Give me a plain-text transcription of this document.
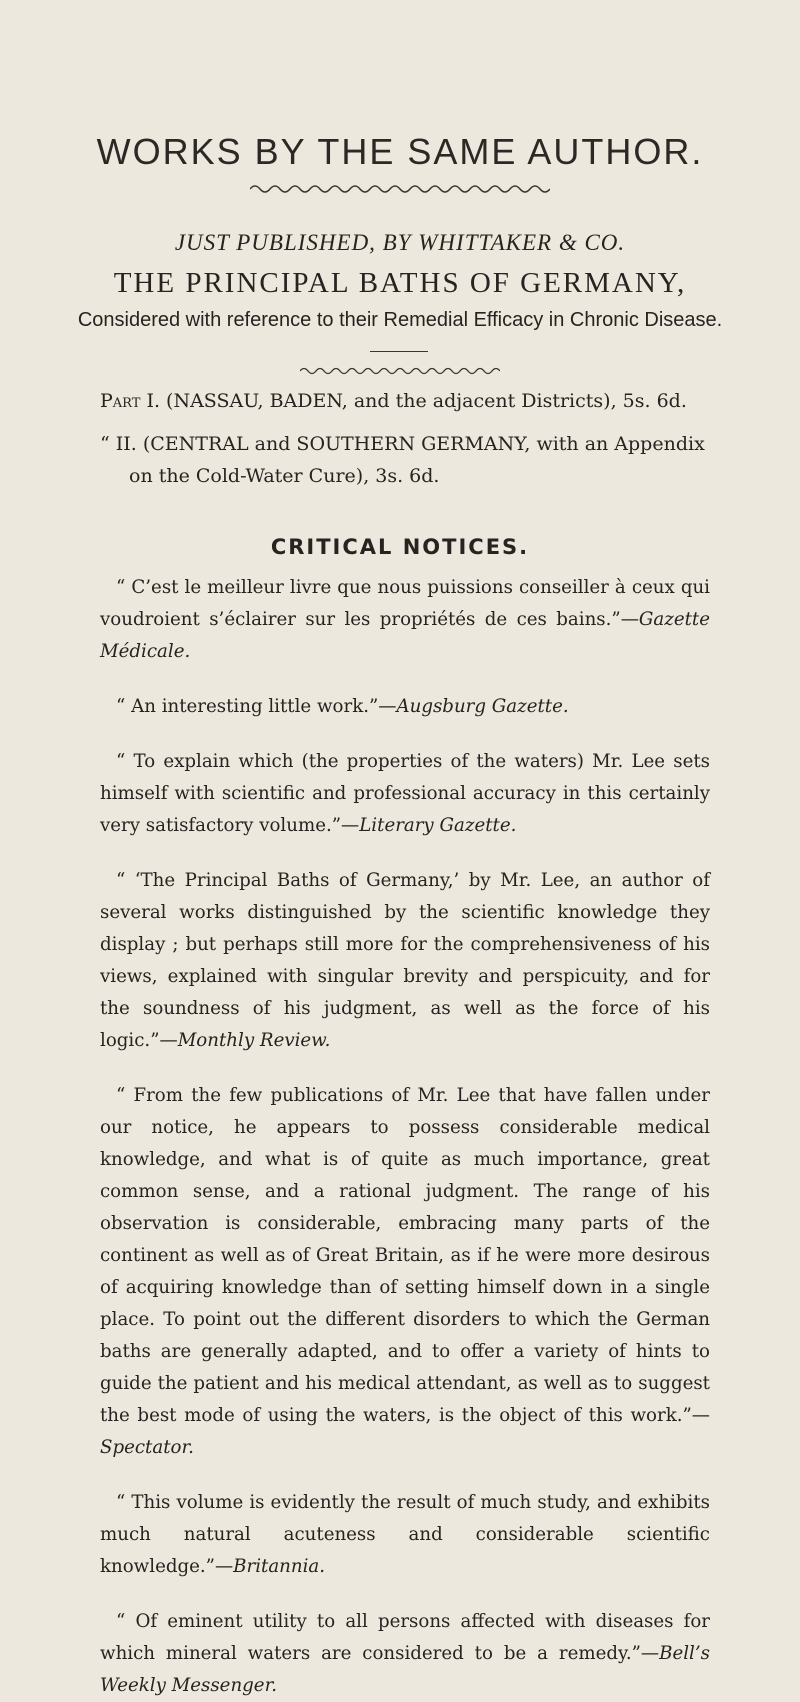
WORKS BY THE SAME AUTHOR.

JUST PUBLISHED, BY WHITTAKER & CO.

THE PRINCIPAL BATHS OF GERMANY,

Considered with reference to their Remedial Efficacy in Chronic Disease.

Part I. (NASSAU, BADEN, and the adjacent Districts), 5s. 6d.

“ II. (CENTRAL and SOUTHERN GERMANY, with an Appendix

on the Cold-Water Cure), 3s. 6d.

CRITICAL NOTICES.

“ C’est le meilleur livre que nous puissions conseiller à ceux qui voudroient s’éclairer sur les propriétés de ces bains.”—Gazette Médicale.

“ An interesting little work.”—Augsburg Gazette.

“ To explain which (the properties of the waters) Mr. Lee sets himself with scientific and professional accuracy in this certainly very satisfactory volume.”—Literary Gazette.

“ ‘The Principal Baths of Germany,’ by Mr. Lee, an author of several works distinguished by the scientific knowledge they display ; but perhaps still more for the comprehensiveness of his views, explained with singular brevity and perspicuity, and for the soundness of his judgment, as well as the force of his logic.”—Monthly Review.

“ From the few publications of Mr. Lee that have fallen under our notice, he appears to possess considerable medical knowledge, and what is of quite as much importance, great common sense, and a rational judgment. The range of his observation is considerable, embracing many parts of the continent as well as of Great Britain, as if he were more desirous of acquiring knowledge than of setting himself down in a single place. To point out the different disorders to which the German baths are generally adapted, and to offer a variety of hints to guide the patient and his medical attendant, as well as to suggest the best mode of using the waters, is the object of this work.”—Spectator.

“ This volume is evidently the result of much study, and exhibits much natural acuteness and considerable scientific knowledge.”—Britannia.

“ Of eminent utility to all persons affected with diseases for which mineral waters are considered to be a remedy.”—Bell’s Weekly Messenger.
